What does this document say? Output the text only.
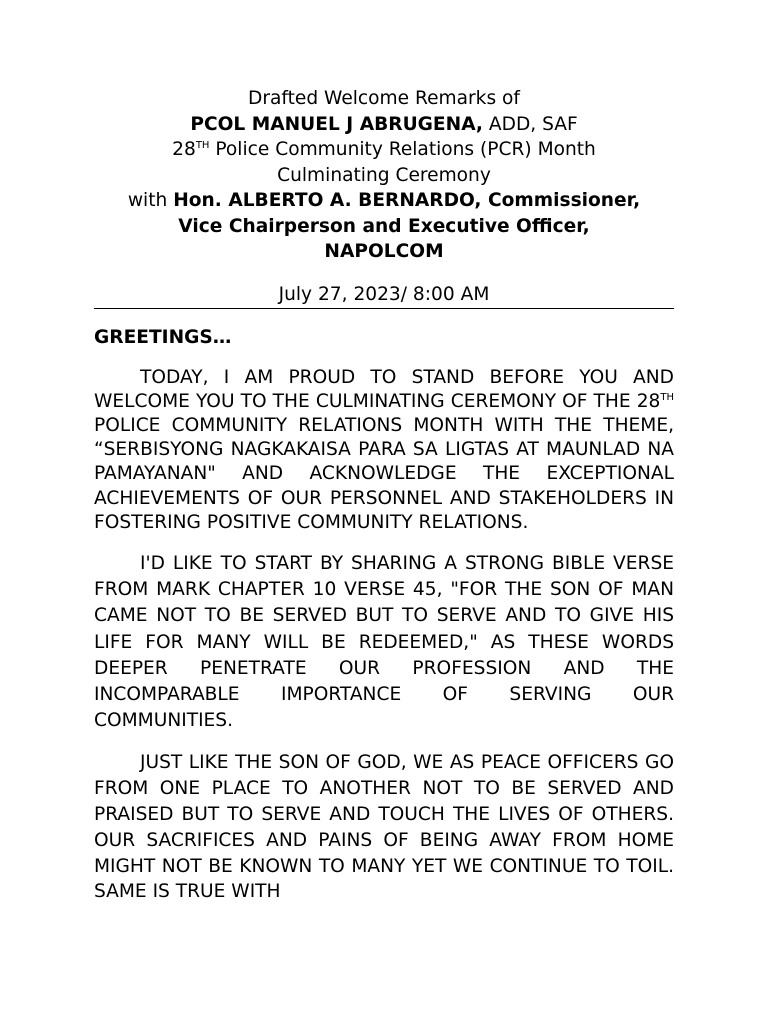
Drafted Welcome Remarks of
PCOL MANUEL J ABRUGENA, ADD, SAF
28TH Police Community Relations (PCR) Month
Culminating Ceremony
with Hon. ALBERTO A. BERNARDO, Commissioner,
Vice Chairperson and Executive Officer,
NAPOLCOM
July 27, 2023/ 8:00 AM
GREETINGS…

TODAY, I AM PROUD TO STAND BEFORE YOU AND WELCOME YOU TO THE CULMINATING CEREMONY OF THE 28TH POLICE COMMUNITY RELATIONS MONTH WITH THE THEME, “SERBISYONG NAGKAKAISA PARA SA LIGTAS AT MAUNLAD NA PAMAYANAN" AND ACKNOWLEDGE THE EXCEPTIONAL ACHIEVEMENTS OF OUR PERSONNEL AND STAKEHOLDERS IN FOSTERING POSITIVE COMMUNITY RELATIONS.

I'D LIKE TO START BY SHARING A STRONG BIBLE VERSE FROM MARK CHAPTER 10 VERSE 45, "FOR THE SON OF MAN CAME NOT TO BE SERVED BUT TO SERVE AND TO GIVE HIS LIFE FOR MANY WILL BE REDEEMED," AS THESE WORDS DEEPER PENETRATE OUR PROFESSION AND THE INCOMPARABLE IMPORTANCE OF SERVING OUR COMMUNITIES.

JUST LIKE THE SON OF GOD, WE AS PEACE OFFICERS GO FROM ONE PLACE TO ANOTHER NOT TO BE SERVED AND PRAISED BUT TO SERVE AND TOUCH THE LIVES OF OTHERS. OUR SACRIFICES AND PAINS OF BEING AWAY FROM HOME MIGHT NOT BE KNOWN TO MANY YET WE CONTINUE TO TOIL. SAME IS TRUE WITH
